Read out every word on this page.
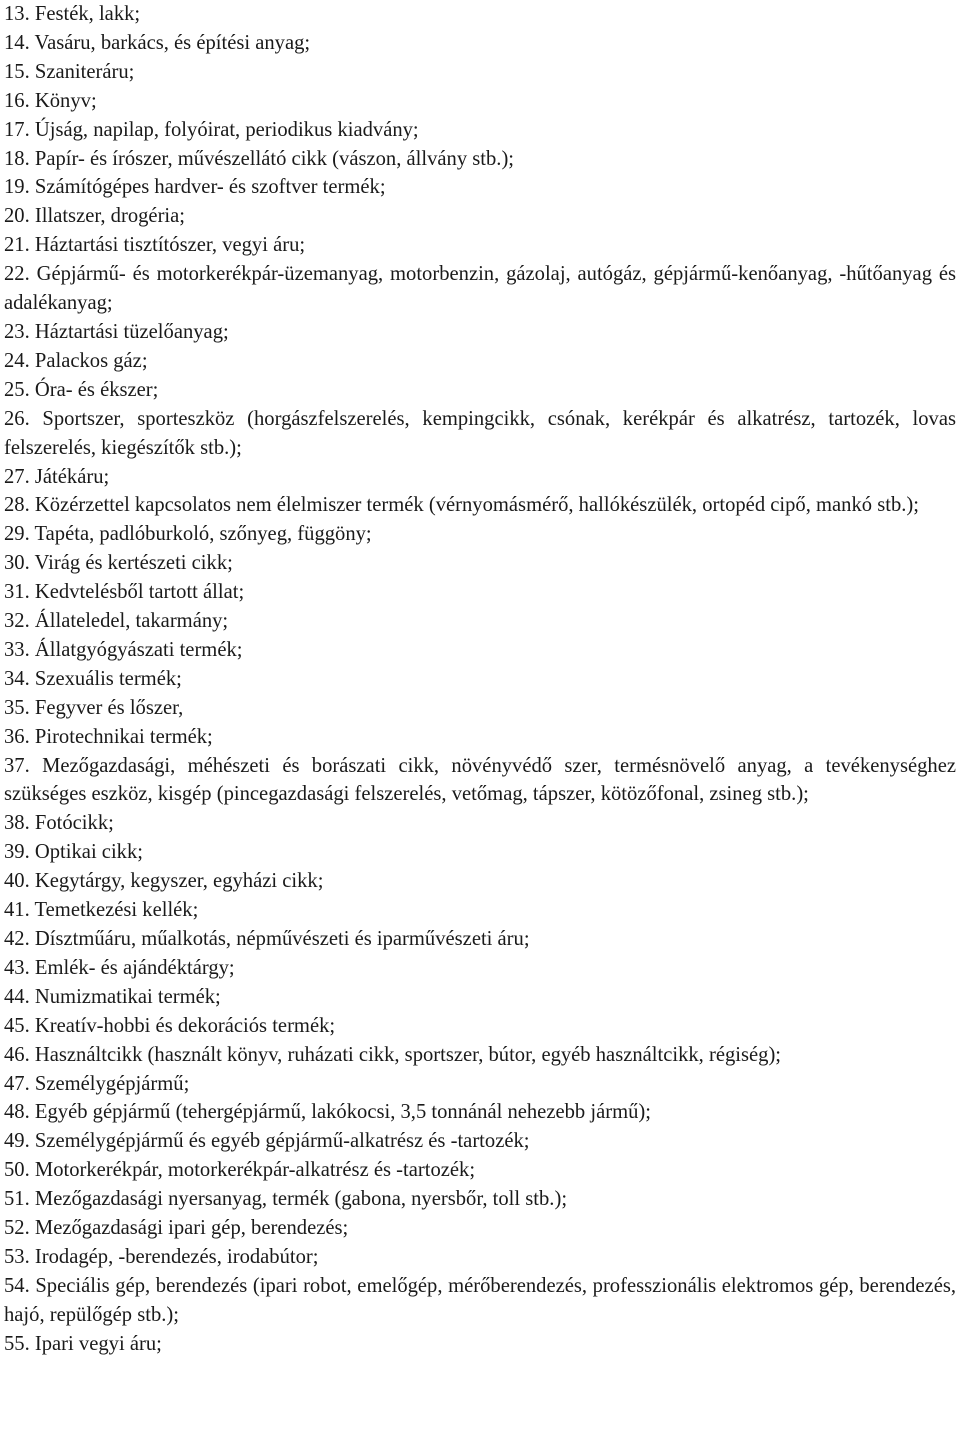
13. Festék, lakk;

14. Vasáru, barkács, és építési anyag;

15. Szaniteráru;

16. Könyv;

17. Újság, napilap, folyóirat, periodikus kiadvány;

18. Papír- és írószer, művészellátó cikk (vászon, állvány stb.);

19. Számítógépes hardver- és szoftver termék;

20. Illatszer, drogéria;

21. Háztartási tisztítószer, vegyi áru;

22. Gépjármű- és motorkerékpár-üzemanyag, motorbenzin, gázolaj, autógáz, gépjármű-kenőanyag, -hűtőanyag és adalékanyag;

23. Háztartási tüzelőanyag;

24. Palackos gáz;

25. Óra- és ékszer;

26. Sportszer, sporteszköz (horgászfelszerelés, kempingcikk, csónak, kerékpár és alkatrész, tartozék, lovas felszerelés, kiegészítők stb.);

27. Játékáru;

28. Közérzettel kapcsolatos nem élelmiszer termék (vérnyomásmérő, hallókészülék, ortopéd cipő, mankó stb.);

29. Tapéta, padlóburkoló, szőnyeg, függöny;

30. Virág és kertészeti cikk;

31. Kedvtelésből tartott állat;

32. Állateledel, takarmány;

33. Állatgyógyászati termék;

34. Szexuális termék;

35. Fegyver és lőszer,

36. Pirotechnikai termék;

37. Mezőgazdasági, méhészeti és borászati cikk, növényvédő szer, termésnövelő anyag, a tevékenységhez szükséges eszköz, kisgép (pincegazdasági felszerelés, vetőmag, tápszer, kötözőfonal, zsineg stb.);

38. Fotócikk;

39. Optikai cikk;

40. Kegytárgy, kegyszer, egyházi cikk;

41. Temetkezési kellék;

42. Dísztműáru, műalkotás, népművészeti és iparművészeti áru;

43. Emlék- és ajándéktárgy;

44. Numizmatikai termék;

45. Kreatív-hobbi és dekorációs termék;

46. Használtcikk (használt könyv, ruházati cikk, sportszer, bútor, egyéb használtcikk, régiség);

47. Személygépjármű;

48. Egyéb gépjármű (tehergépjármű, lakókocsi, 3,5 tonnánál nehezebb jármű);

49. Személygépjármű és egyéb gépjármű-alkatrész és -tartozék;

50. Motorkerékpár, motorkerékpár-alkatrész és -tartozék;

51. Mezőgazdasági nyersanyag, termék (gabona, nyersbőr, toll stb.);

52. Mezőgazdasági ipari gép, berendezés;

53. Irodagép, -berendezés, irodabútor;

54. Speciális gép, berendezés (ipari robot, emelőgép, mérőberendezés, professzionális elektromos gép, berendezés, hajó, repülőgép stb.);

55. Ipari vegyi áru;
